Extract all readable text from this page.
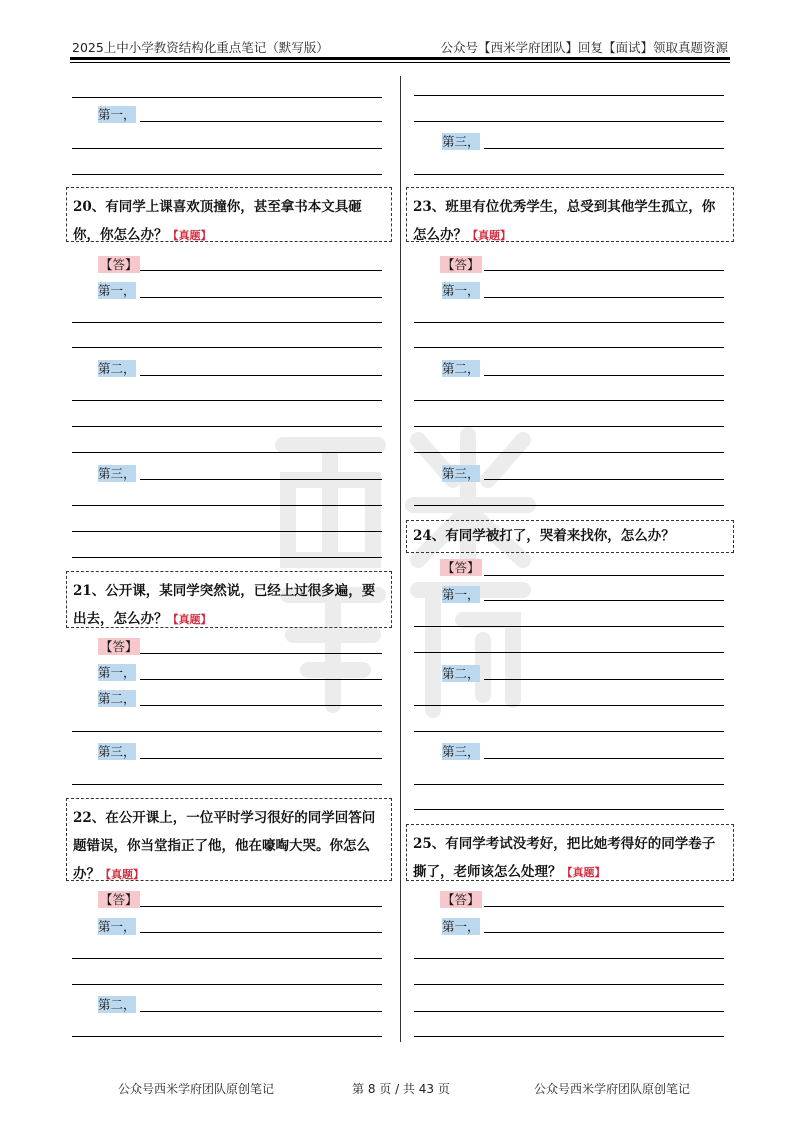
2025上中小学教资结构化重点笔记（默写版）	公众号【西米学府团队】回复【面试】领取真题资源
第一，
20、有同学上课喜欢顶撞你，甚至拿书本文具砸你，你怎么办？【真题】
【答】
第一，
第二，
第三，
21、公开课，某同学突然说，已经上过很多遍，要出去，怎么办？【真题】
【答】
第一，
第二，
第三，
22、在公开课上，一位平时学习很好的同学回答问题错误，你当堂指正了他，他在嚎啕大哭。你怎么办？【真题】
【答】
第一，
第二，
第三，
23、班里有位优秀学生，总受到其他学生孤立，你怎么办？【真题】
【答】
第一，
第二，
第三，
24、有同学被打了，哭着来找你，怎么办？
【答】
第一，
第二，
第三，
25、有同学考试没考好，把比她考得好的同学卷子撕了，老师该怎么处理？【真题】
【答】
第一，
公众号西米学府团队原创笔记	第 8 页 / 共 43 页	公众号西米学府团队原创笔记
